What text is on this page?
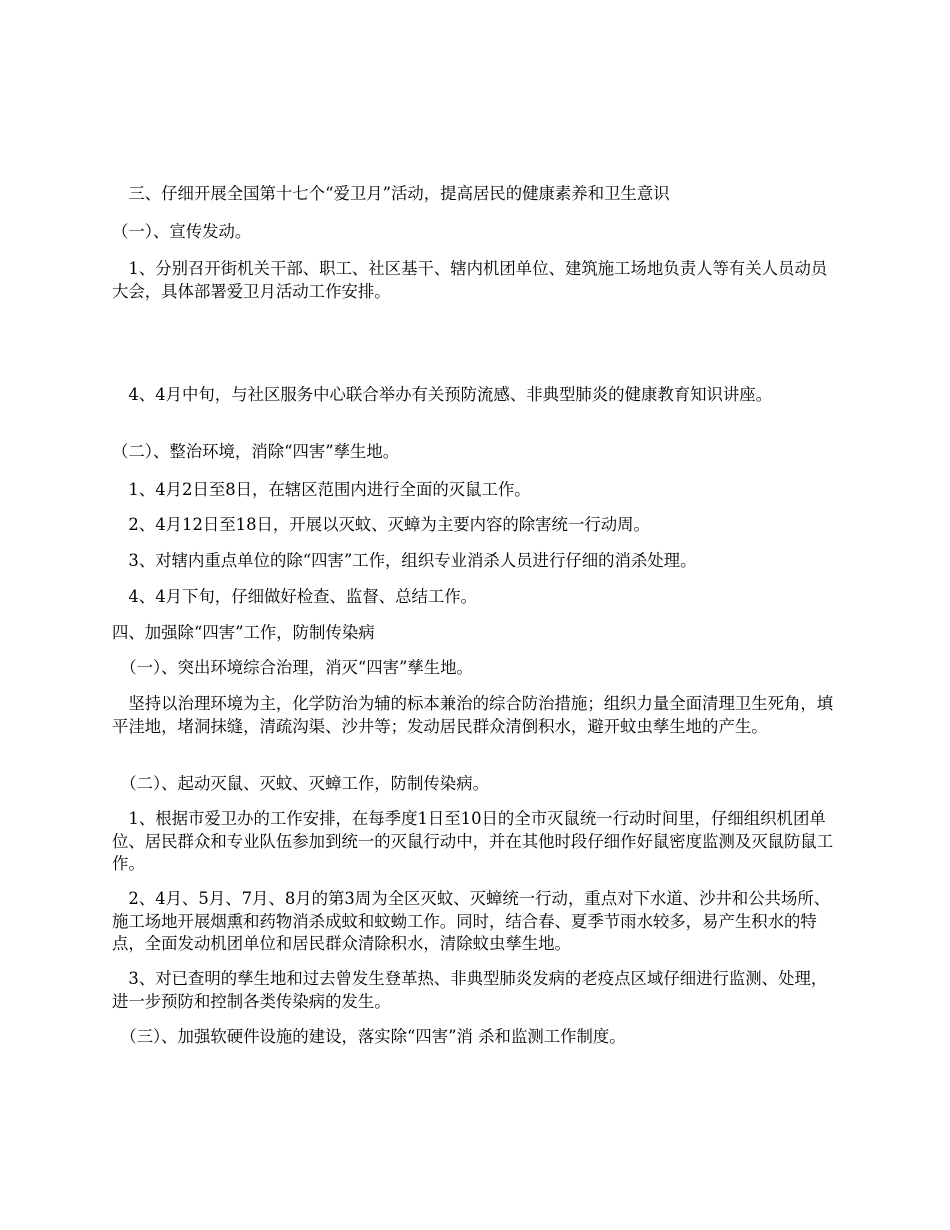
　三、仔细开展全国第十七个“爱卫月”活动，提高居民的健康素养和卫生意识

（一）、宣传发动。

　1、分别召开街机关干部、职工、社区基干、辖内机团单位、建筑施工场地负责人等有关人员动员大会，具体部署爱卫月活动工作安排。

　4、4月中旬，与社区服务中心联合举办有关预防流感、非典型肺炎的健康教育知识讲座。

（二）、整治环境，消除“四害”孳生地。

　1、4月2日至8日，在辖区范围内进行全面的灭鼠工作。

　2、4月12日至18日，开展以灭蚊、灭蟑为主要内容的除害统一行动周。

　3、对辖内重点单位的除“四害”工作，组织专业消杀人员进行仔细的消杀处理。

　4、4月下旬，仔细做好检查、监督、总结工作。

四、加强除“四害”工作，防制传染病

　（一）、突出环境综合治理，消灭“四害”孳生地。

　坚持以治理环境为主，化学防治为辅的标本兼治的综合防治措施；组织力量全面清理卫生死角，填平洼地，堵洞抹缝，清疏沟渠、沙井等；发动居民群众清倒积水，避开蚊虫孳生地的产生。

　（二）、起动灭鼠、灭蚊、灭蟑工作，防制传染病。

　1、根据市爱卫办的工作安排，在每季度1日至10日的全市灭鼠统一行动时间里，仔细组织机团单位、居民群众和专业队伍参加到统一的灭鼠行动中，并在其他时段仔细作好鼠密度监测及灭鼠防鼠工作。

　2、4月、5月、7月、8月的第3周为全区灭蚊、灭蟑统一行动，重点对下水道、沙井和公共场所、施工场地开展烟熏和药物消杀成蚊和蚊蚴工作。同时，结合春、夏季节雨水较多，易产生积水的特点，全面发动机团单位和居民群众清除积水，清除蚊虫孳生地。

　3、对已查明的孳生地和过去曾发生登革热、非典型肺炎发病的老疫点区域仔细进行监测、处理，进一步预防和控制各类传染病的发生。

　（三）、加强软硬件设施的建设，落实除“四害”消 杀和监测工作制度。
